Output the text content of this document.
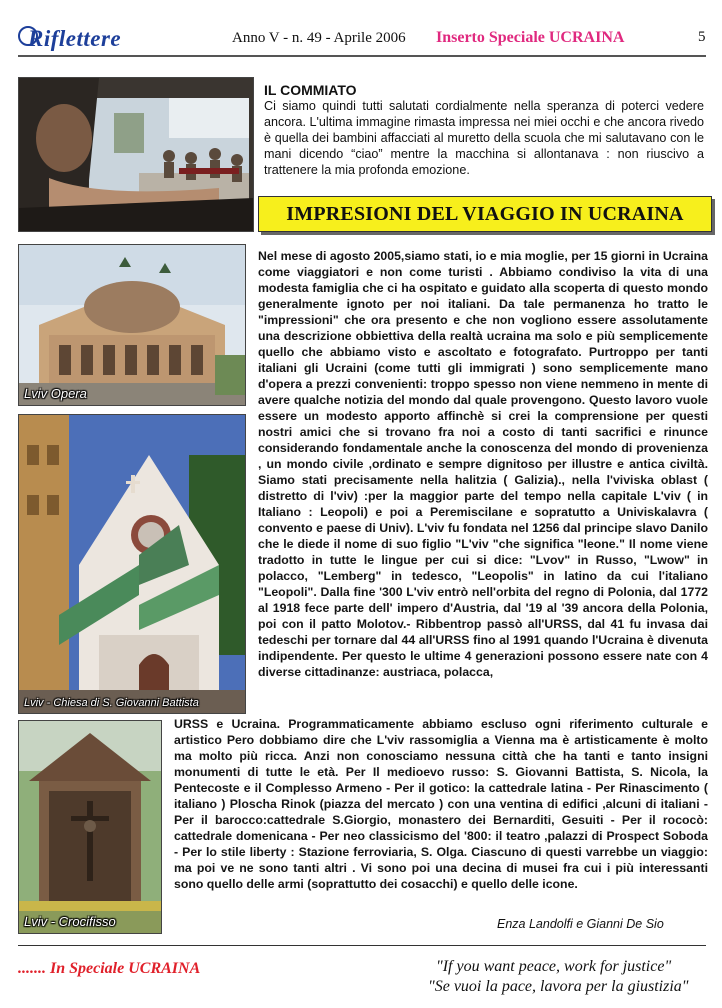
Riflettere	Anno V - n. 49 - Aprile 2006 Inserto Speciale UCRAINA	5
IL COMMIATO
Ci siamo quindi tutti salutati cordialmente nella speranza di poterci vedere ancora. L'ultima immagine rimasta impressa nei miei occhi e che ancora rivedo è quella dei bambini affacciati al muretto della scuola che mi salutavano con le mani dicendo “ciao” mentre la macchina si allontanava : non riuscivo a trattenere la mia profonda emozione.
IMPRESIONI DEL VIAGGIO IN UCRAINA
Lviv Opera
Lviv - Chiesa di S. Giovanni Battista
Lviv - Crocifisso
Nel mese di agosto 2005,siamo stati, io e mia moglie, per 15 giorni in Ucraina come viaggiatori e non come turisti . Abbiamo condiviso la vita di una modesta famiglia che ci ha ospitato e guidato alla scoperta di questo mondo generalmente ignoto per noi italiani. Da tale permanenza ho tratto le "impressioni" che ora presento e che non vogliono essere assolutamente una descrizione obbiettiva della realtà ucraina ma solo e più semplicemente quello che abbiamo visto e ascoltato e fotografato. Purtroppo per tanti italiani gli Ucraini (come tutti gli immigrati ) sono semplicemente mano d'opera a prezzi convenienti: troppo spesso non viene nemmeno in mente di avere qualche notizia del mondo dal quale provengono. Questo lavoro vuole essere un modesto apporto affinchè si crei la comprensione per questi nostri amici che si trovano fra noi a costo di tanti sacrifici e rinunce considerando fondamentale anche la conoscenza del mondo di provenienza , un mondo civile ,ordinato e sempre dignitoso per illustre e antica civiltà. Siamo stati precisamente nella halitzia ( Galizia)., nella l'viviska oblast ( distretto di l'viv) :per la maggior parte del tempo nella capitale L'viv ( in Italiano : Leopoli) e poi a Peremiscilane e sopratutto a Univiskalavra ( convento e paese di Univ). L'viv fu fondata nel 1256 dal principe slavo Danilo che le diede il nome di suo figlio "L'viv "che significa "leone." Il nome viene tradotto in tutte le lingue per cui si dice: "Lvov" in Russo, "Lwow" in polacco, "Lemberg" in tedesco, "Leopolis" in latino da cui l'italiano "Leopoli". Dalla fine '300 L'viv entrò nell'orbita del regno di Polonia, dal 1772 al 1918 fece parte dell' impero d'Austria, dal '19 al '39 ancora della Polonia, poi con il patto Molotov.- Ribbentrop passò all'URSS, dal 41 fu invasa dai tedeschi per tornare dal 44 all'URSS fino al 1991 quando l'Ucraina è divenuta indipendente. Per questo le ultime 4 generazioni possono essere nate con 4 diverse cittadinanze: austriaca, polacca,
URSS e Ucraina. Programmaticamente abbiamo escluso ogni riferimento culturale e artistico Pero dobbiamo dire che L'viv rassomiglia a Vienna ma è artisticamente è molto ma molto più ricca. Anzi non conosciamo nessuna città che ha tanti e tanto insigni monumenti di tutte le età. Per Il medioevo russo: S. Giovanni Battista, S. Nicola, la Pentecoste e il Complesso Armeno - Per il gotico: la cattedrale latina - Per Rinascimento ( italiano ) Ploscha Rinok (piazza del mercato ) con una ventina di edifici ,alcuni di italiani - Per il barocco:cattedrale S.Giorgio, monastero dei Bernarditi, Gesuiti - Per il rococò: cattedrale domenicana - Per neo classicismo del '800: il teatro ,palazzi di Prospect Soboda - Per lo stile liberty : Stazione ferroviaria, S. Olga. Ciascuno di questi varrebbe un viaggio: ma poi ve ne sono tanti altri . Vi sono poi una decina di musei fra cui i più interessanti sono quello delle armi (soprattutto dei cosacchi) e quello delle icone.
Enza Landolfi e Gianni De Sio
....... In Speciale UCRAINA	"If you want peace, work for justice"
"Se vuoi la pace, lavora per la giustizia"
